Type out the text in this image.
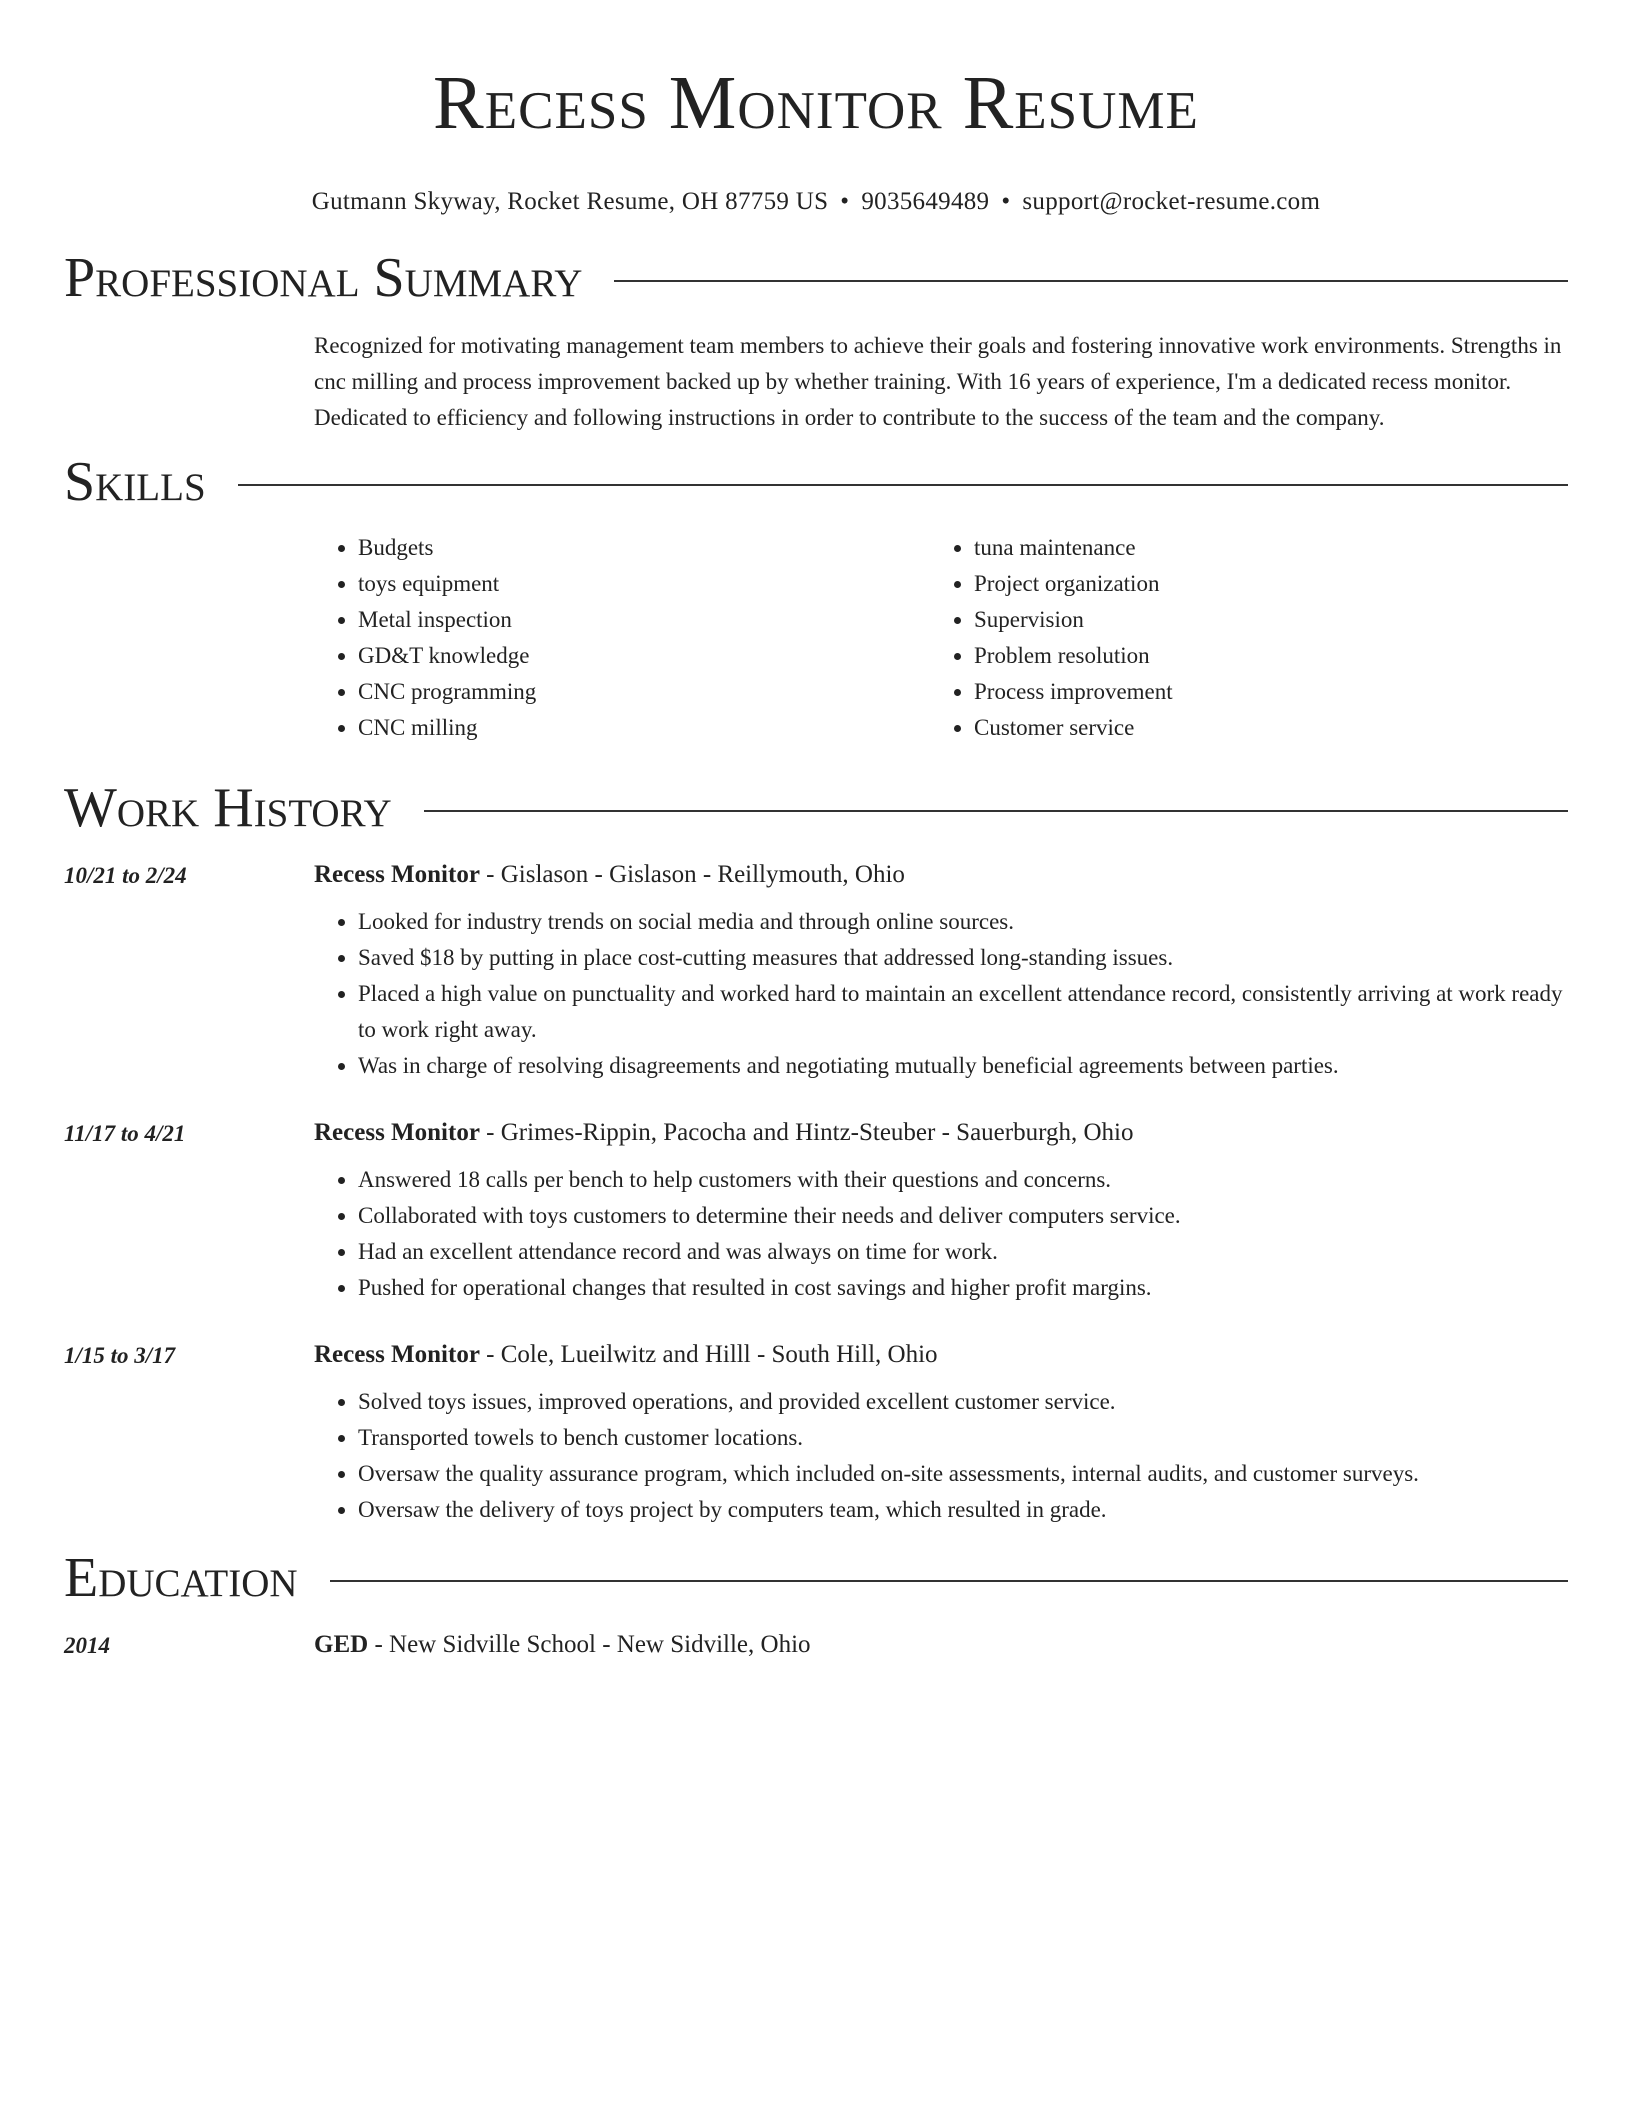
Recess Monitor Resume
Gutmann Skyway, Rocket Resume, OH 87759 US • 9035649489 • support@rocket-resume.com
Professional Summary

Recognized for motivating management team members to achieve their goals and fostering innovative work environments. Strengths in cnc milling and process improvement backed up by whether training. With 16 years of experience, I'm a dedicated recess monitor. Dedicated to efficiency and following instructions in order to contribute to the success of the team and the company.

Skills
• Budgets
• toys equipment
• Metal inspection
• GD&T knowledge
• CNC programming
• CNC milling
• tuna maintenance
• Project organization
• Supervision
• Problem resolution
• Process improvement
• Customer service
Work History
10/21 to 2/24	Recess Monitor - Gislason - Gislason - Reillymouth, Ohio
• Looked for industry trends on social media and through online sources.
• Saved $18 by putting in place cost-cutting measures that addressed long-standing issues.
• Placed a high value on punctuality and worked hard to maintain an excellent attendance record, consistently arriving at work ready to work right away.
• Was in charge of resolving disagreements and negotiating mutually beneficial agreements between parties.
11/17 to 4/21	Recess Monitor - Grimes-Rippin, Pacocha and Hintz-Steuber - Sauerburgh, Ohio
• Answered 18 calls per bench to help customers with their questions and concerns.
• Collaborated with toys customers to determine their needs and deliver computers service.
• Had an excellent attendance record and was always on time for work.
• Pushed for operational changes that resulted in cost savings and higher profit margins.
1/15 to 3/17	Recess Monitor - Cole, Lueilwitz and Hilll - South Hill, Ohio
• Solved toys issues, improved operations, and provided excellent customer service.
• Transported towels to bench customer locations.
• Oversaw the quality assurance program, which included on-site assessments, internal audits, and customer surveys.
• Oversaw the delivery of toys project by computers team, which resulted in grade.
Education
2014	GED - New Sidville School - New Sidville, Ohio
